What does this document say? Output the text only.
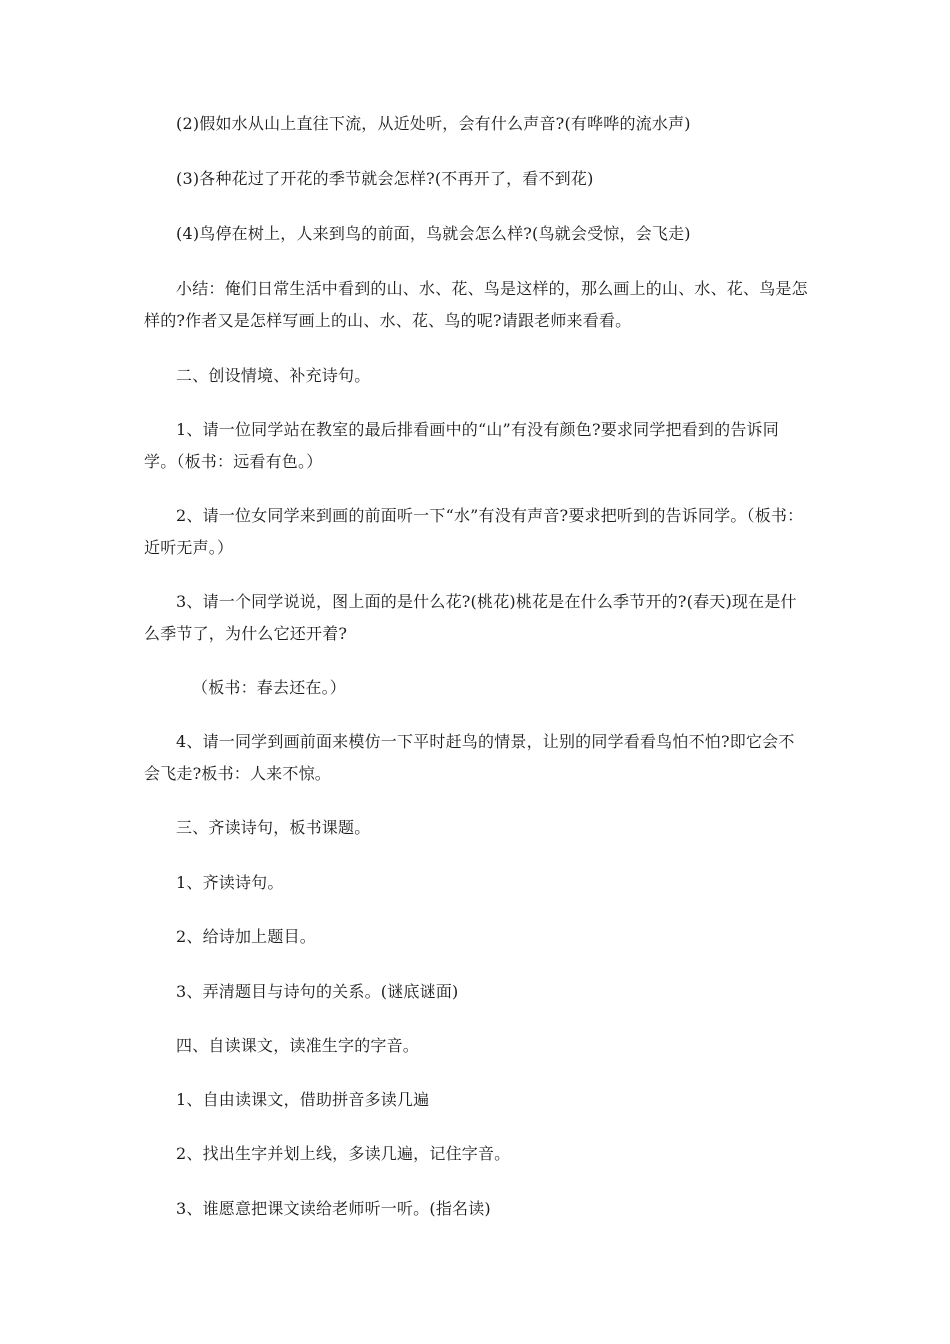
(2)假如水从山上直往下流，从近处听，会有什么声音?(有哗哗的流水声)

(3)各种花过了开花的季节就会怎样?(不再开了，看不到花)

(4)鸟停在树上，人来到鸟的前面，鸟就会怎么样?(鸟就会受惊，会飞走)

小结：俺们日常生活中看到的山、水、花、鸟是这样的，那么画上的山、水、花、鸟是怎样的?作者又是怎样写画上的山、水、花、鸟的呢?请跟老师来看看。

二、创设情境、补充诗句。

1、请一位同学站在教室的最后排看画中的“山”有没有颜色?要求同学把看到的告诉同学。（板书：远看有色。）

2、请一位女同学来到画的前面听一下“水”有没有声音?要求把听到的告诉同学。（板书：近听无声。）

3、请一个同学说说，图上面的是什么花?(桃花)桃花是在什么季节开的?(春天)现在是什么季节了，为什么它还开着?

（板书：春去还在。）

4、请一同学到画前面来模仿一下平时赶鸟的情景，让别的同学看看鸟怕不怕?即它会不会飞走?板书：人来不惊。

三、齐读诗句，板书课题。

1、齐读诗句。

2、给诗加上题目。

3、弄清题目与诗句的关系。(谜底谜面)

四、自读课文，读准生字的字音。

1、自由读课文，借助拼音多读几遍

2、找出生字并划上线，多读几遍，记住字音。

3、谁愿意把课文读给老师听一听。(指名读)
